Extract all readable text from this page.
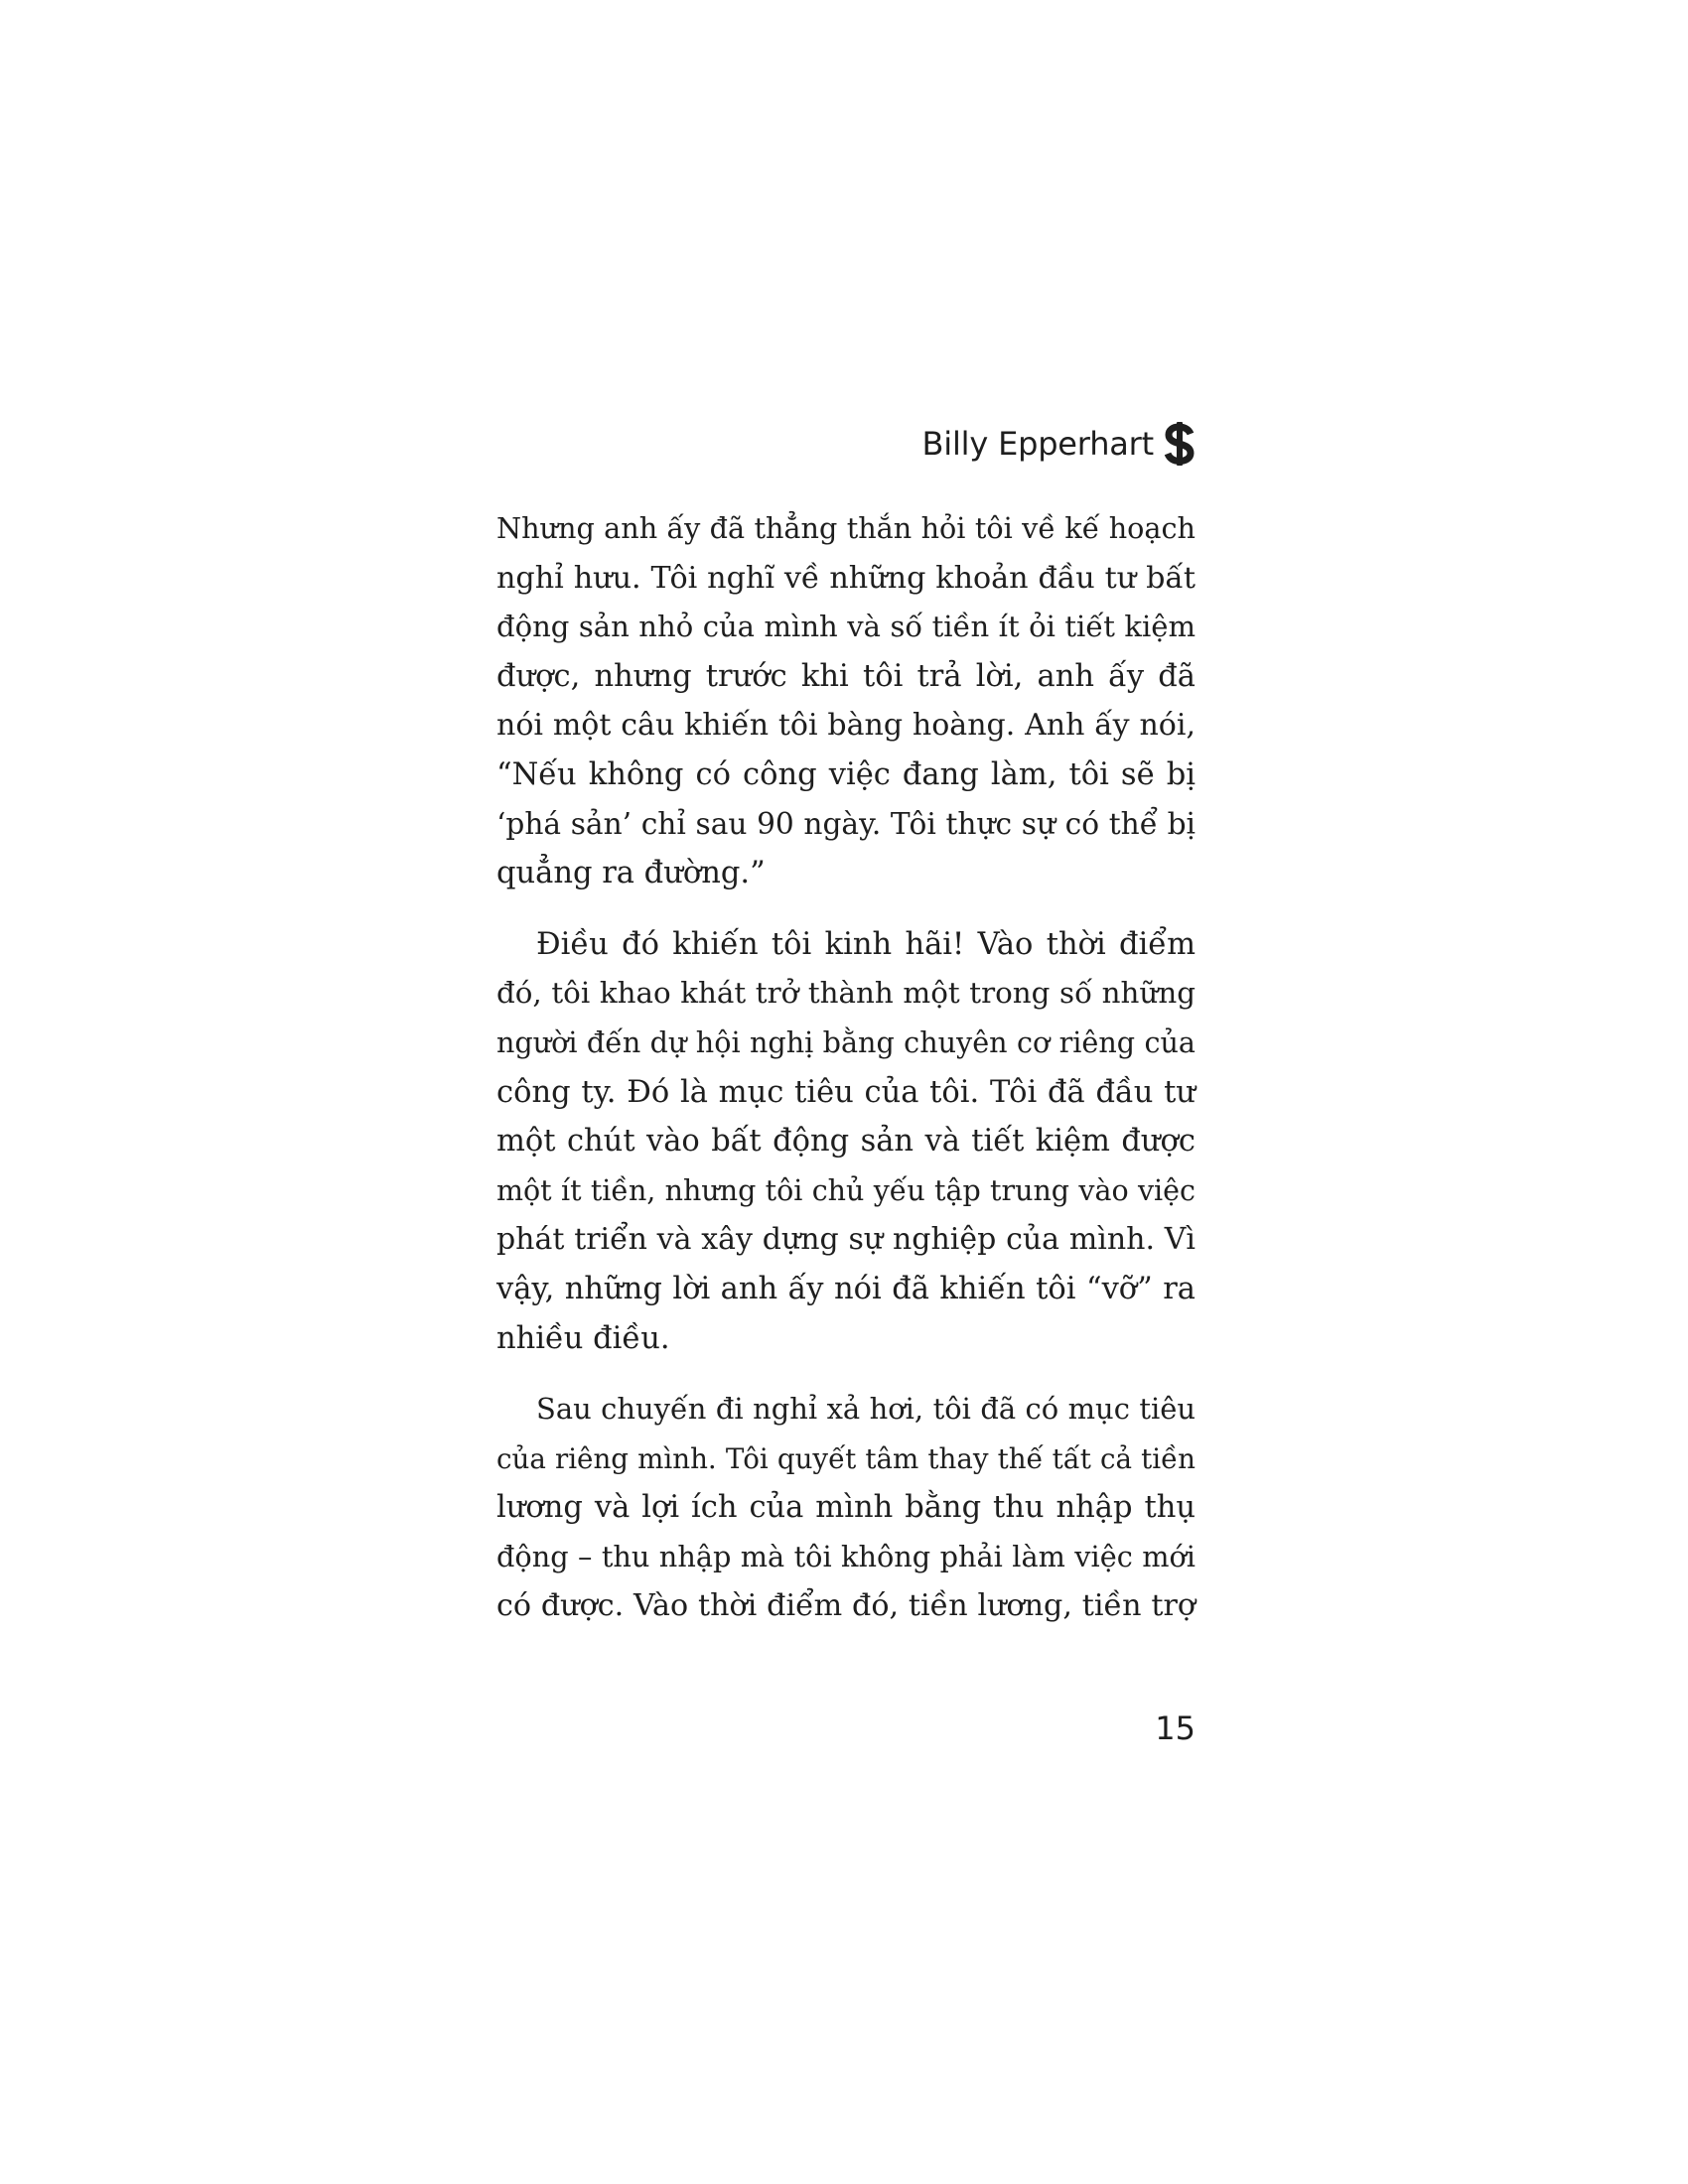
Billy Epperhart
Nhưng anh ấy đã thẳng thắn hỏi tôi về kế hoạch
nghỉ hưu. Tôi nghĩ về những khoản đầu tư bất
động sản nhỏ của mình và số tiền ít ỏi tiết kiệm
được, nhưng trước khi tôi trả lời, anh ấy đã
nói một câu khiến tôi bàng hoàng. Anh ấy nói,
“Nếu không có công việc đang làm, tôi sẽ bị
‘phá sản’ chỉ sau 90 ngày. Tôi thực sự có thể bị
quẳng ra đường.”
Điều đó khiến tôi kinh hãi! Vào thời điểm
đó, tôi khao khát trở thành một trong số những
người đến dự hội nghị bằng chuyên cơ riêng của
công ty. Đó là mục tiêu của tôi. Tôi đã đầu tư
một chút vào bất động sản và tiết kiệm được
một ít tiền, nhưng tôi chủ yếu tập trung vào việc
phát triển và xây dựng sự nghiệp của mình. Vì
vậy, những lời anh ấy nói đã khiến tôi “vỡ” ra
nhiều điều.
Sau chuyến đi nghỉ xả hơi, tôi đã có mục tiêu
của riêng mình. Tôi quyết tâm thay thế tất cả tiền
lương và lợi ích của mình bằng thu nhập thụ
động – thu nhập mà tôi không phải làm việc mới
có được. Vào thời điểm đó, tiền lương, tiền trợ
15
